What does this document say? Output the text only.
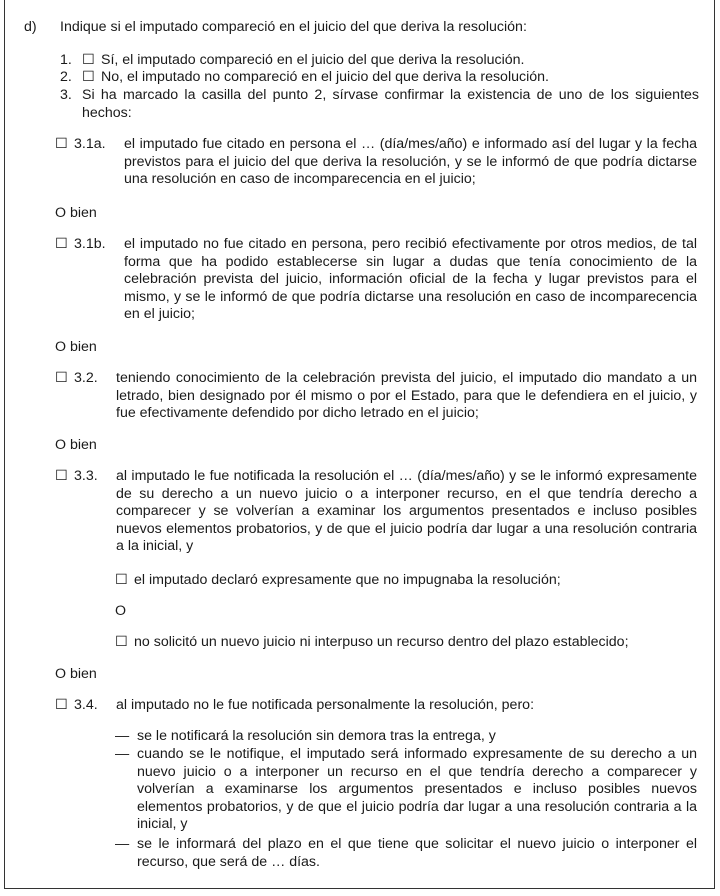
d) Indique si el imputado compareció en el juicio del que deriva la resolución:
1. ☐ Sí, el imputado compareció en el juicio del que deriva la resolución.
2. ☐ No, el imputado no compareció en el juicio del que deriva la resolución.
3. Si ha marcado la casilla del punto 2, sírvase confirmar la existencia de uno de los siguientes hechos:
☐ 3.1a. el imputado fue citado en persona el … (día/mes/año) e informado así del lugar y la fecha previstos para el juicio del que deriva la resolución, y se le informó de que podría dictarse una resolución en caso de incomparecencia en el juicio;
O bien
☐ 3.1b. el imputado no fue citado en persona, pero recibió efectivamente por otros medios, de tal forma que ha podido establecerse sin lugar a dudas que tenía conocimiento de la celebración prevista del juicio, información oficial de la fecha y lugar previstos para el mismo, y se le informó de que podría dictarse una resolución en caso de incomparecencia en el juicio;
O bien
☐ 3.2. teniendo conocimiento de la celebración prevista del juicio, el imputado dio mandato a un letrado, bien designado por él mismo o por el Estado, para que le defendiera en el juicio, y fue efectivamente defendido por dicho letrado en el juicio;
O bien
☐ 3.3. al imputado le fue notificada la resolución el … (día/mes/año) y se le informó expresamente de su derecho a un nuevo juicio o a interponer recurso, en el que tendría derecho a comparecer y se volverían a examinar los argumentos presentados e incluso posibles nuevos elementos probatorios, y de que el juicio podría dar lugar a una resolución contraria a la inicial, y
☐ el imputado declaró expresamente que no impugnaba la resolución;
O
☐ no solicitó un nuevo juicio ni interpuso un recurso dentro del plazo establecido;
O bien
☐ 3.4. al imputado no le fue notificada personalmente la resolución, pero:
— se le notificará la resolución sin demora tras la entrega, y
— cuando se le notifique, el imputado será informado expresamente de su derecho a un nuevo juicio o a interponer un recurso en el que tendría derecho a comparecer y volverían a examinarse los argumentos presentados e incluso posibles nuevos elementos probatorios, y de que el juicio podría dar lugar a una resolución contraria a la inicial, y
— se le informará del plazo en el que tiene que solicitar el nuevo juicio o interponer el recurso, que será de … días.
